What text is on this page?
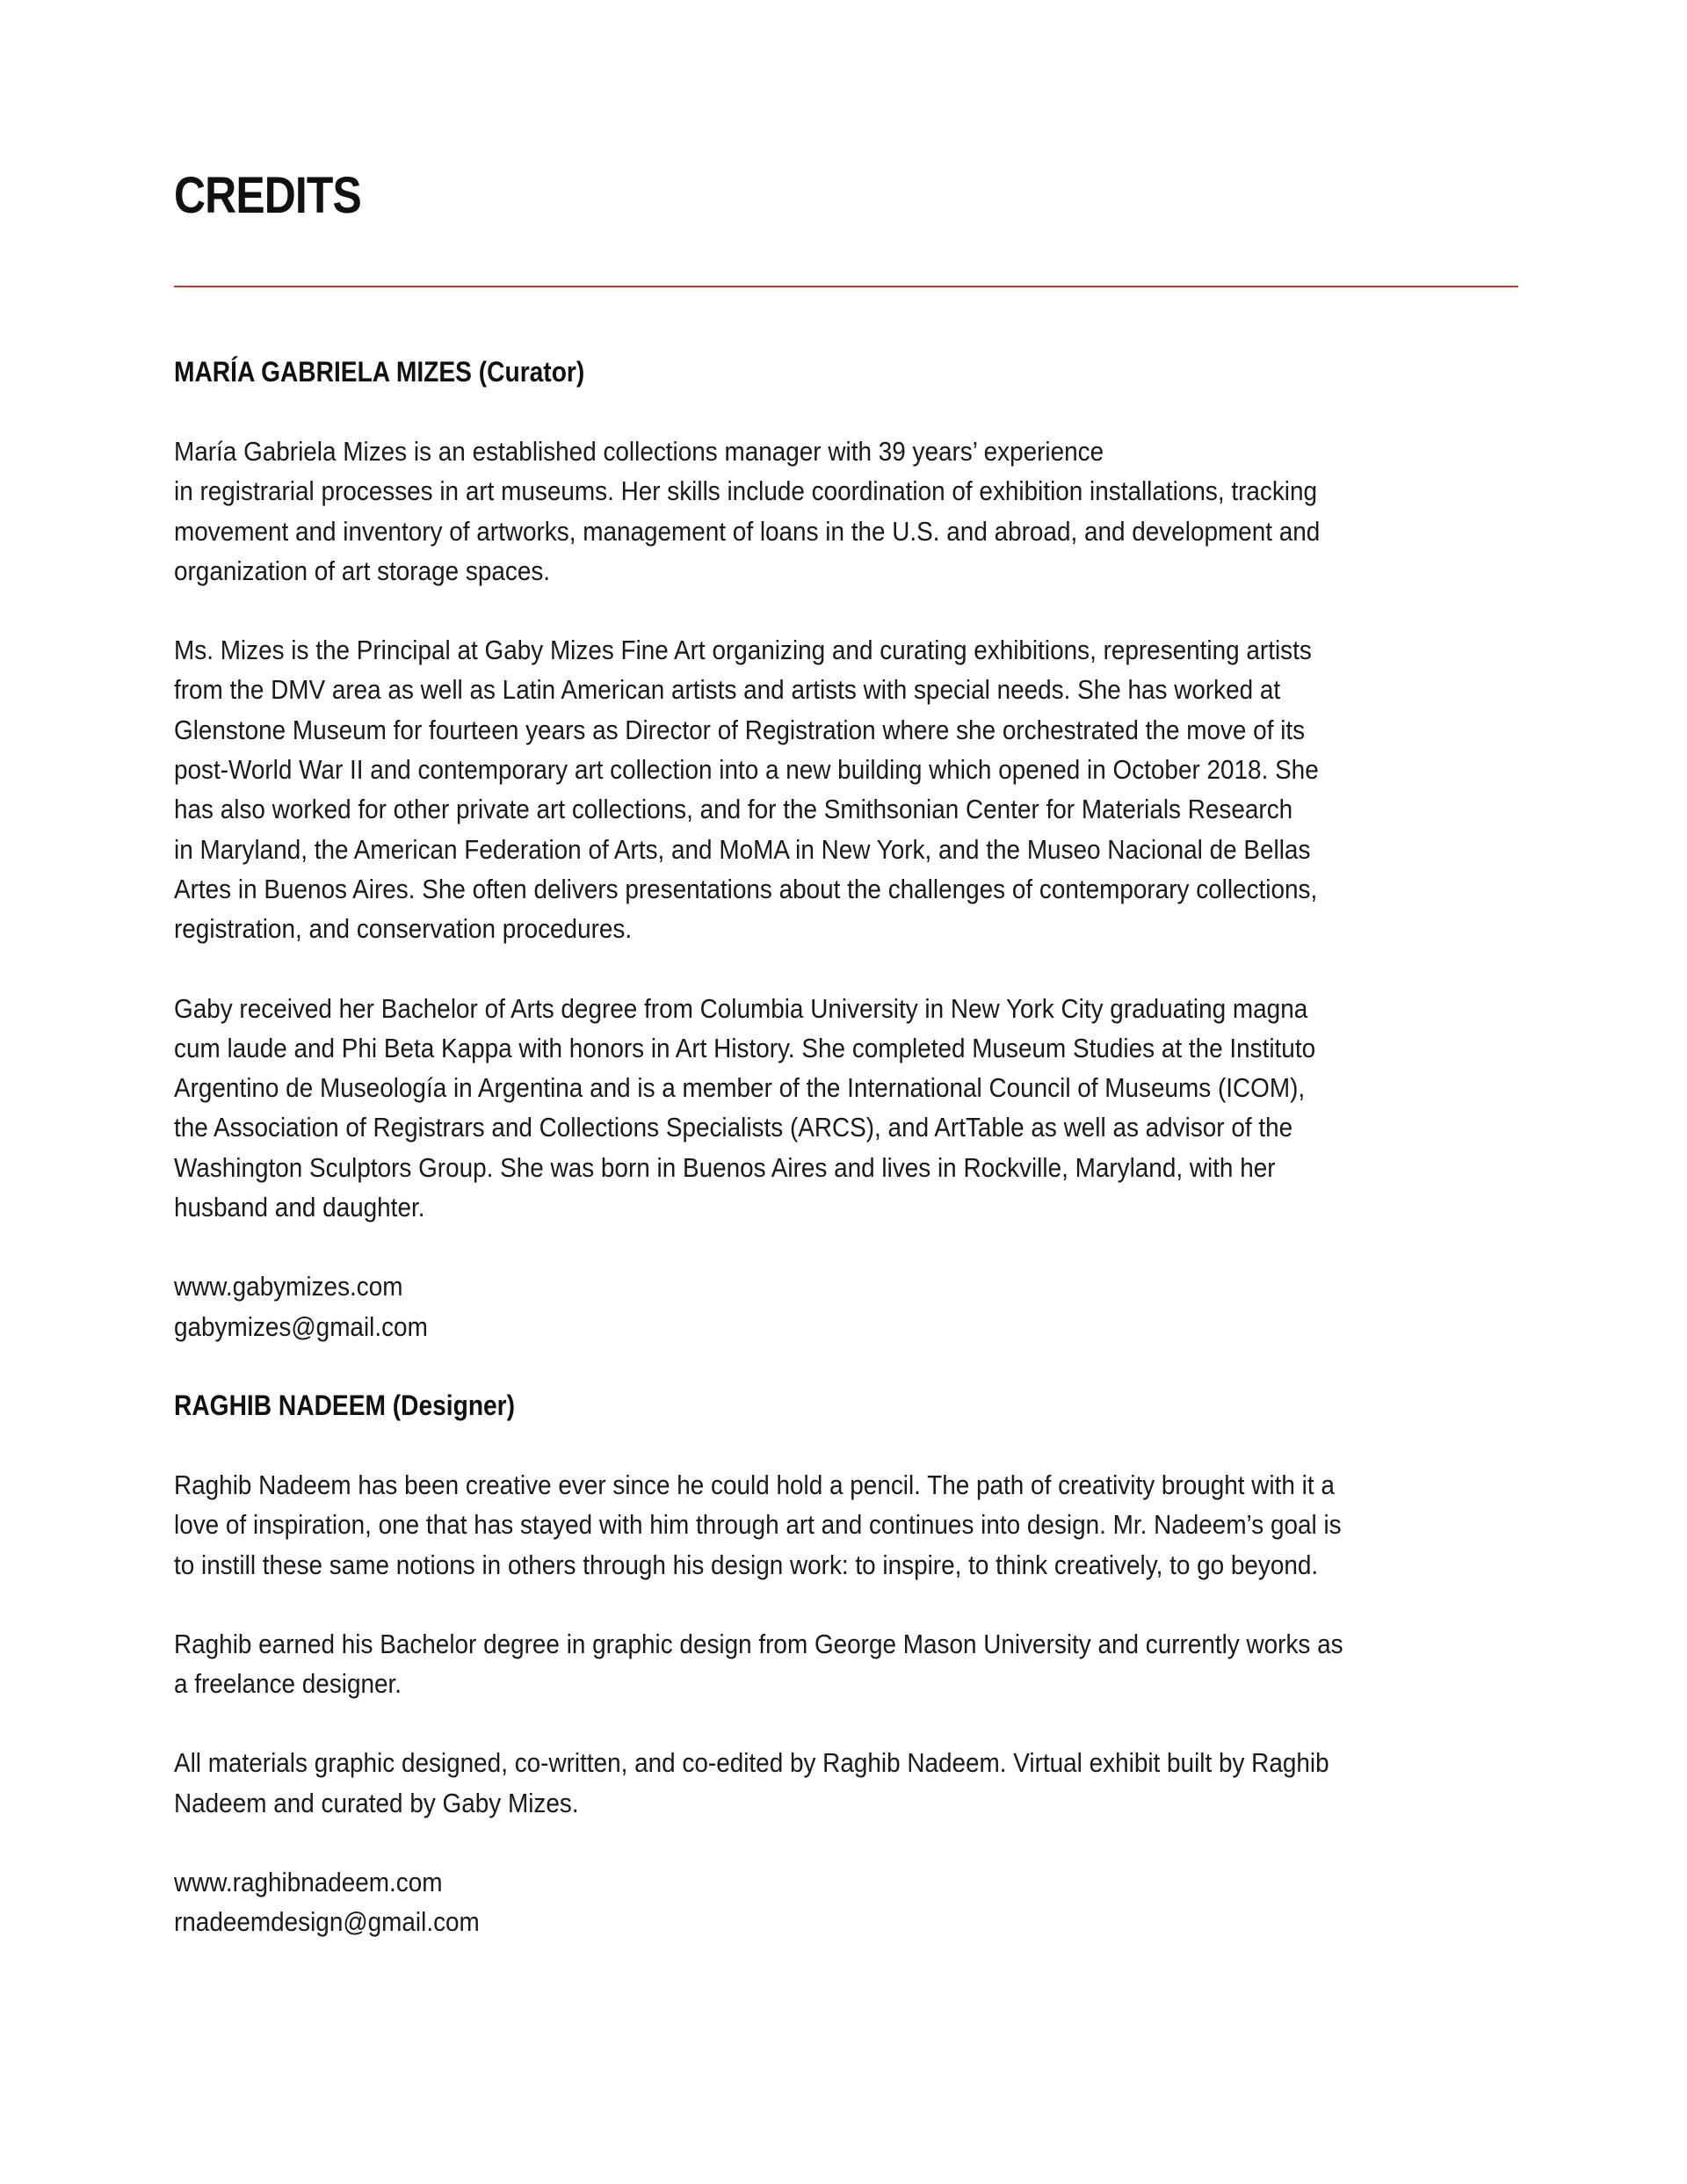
CREDITS
MARÍA GABRIELA MIZES (Curator)

María Gabriela Mizes is an established collections manager with 39 years’ experience
in registrarial processes in art museums. Her skills include coordination of exhibition installations, tracking
movement and inventory of artworks, management of loans in the U.S. and abroad, and development and
organization of art storage spaces.

Ms. Mizes is the Principal at Gaby Mizes Fine Art organizing and curating exhibitions, representing artists
from the DMV area as well as Latin American artists and artists with special needs. She has worked at
Glenstone Museum for fourteen years as Director of Registration where she orchestrated the move of its
post-World War II and contemporary art collection into a new building which opened in October 2018. She
has also worked for other private art collections, and for the Smithsonian Center for Materials Research
in Maryland, the American Federation of Arts, and MoMA in New York, and the Museo Nacional de Bellas
Artes in Buenos Aires. She often delivers presentations about the challenges of contemporary collections,
registration, and conservation procedures.

Gaby received her Bachelor of Arts degree from Columbia University in New York City graduating magna
cum laude and Phi Beta Kappa with honors in Art History. She completed Museum Studies at the Instituto
Argentino de Museología in Argentina and is a member of the International Council of Museums (ICOM),
the Association of Registrars and Collections Specialists (ARCS), and ArtTable as well as advisor of the
Washington Sculptors Group. She was born in Buenos Aires and lives in Rockville, Maryland, with her
husband and daughter.

www.gabymizes.com
gabymizes@gmail.com

RAGHIB NADEEM (Designer)

Raghib Nadeem has been creative ever since he could hold a pencil. The path of creativity brought with it a
love of inspiration, one that has stayed with him through art and continues into design. Mr. Nadeem’s goal is
to instill these same notions in others through his design work: to inspire, to think creatively, to go beyond.

Raghib earned his Bachelor degree in graphic design from George Mason University and currently works as
a freelance designer.

All materials graphic designed, co-written, and co-edited by Raghib Nadeem. Virtual exhibit built by Raghib
Nadeem and curated by Gaby Mizes.

www.raghibnadeem.com
rnadeemdesign@gmail.com
